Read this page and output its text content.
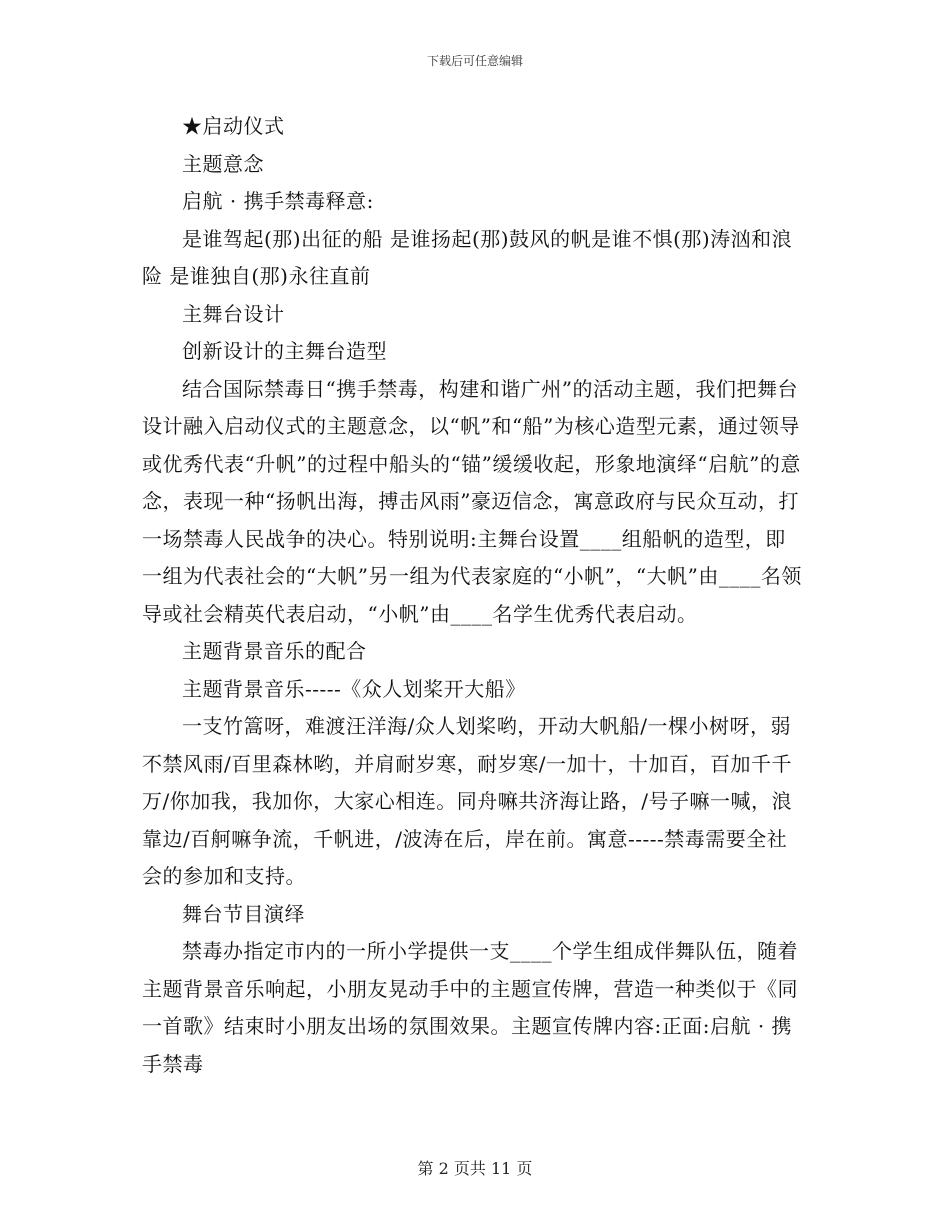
下载后可任意编辑

★启动仪式

主题意念

启航 · 携手禁毒释意:

是谁驾起(那)出征的船 是谁扬起(那)鼓风的帆是谁不惧(那)涛汹和浪险 是谁独自(那)永往直前

主舞台设计

创新设计的主舞台造型

结合国际禁毒日“携手禁毒，构建和谐广州”的活动主题，我们把舞台设计融入启动仪式的主题意念，以“帆”和“船”为核心造型元素，通过领导或优秀代表“升帆”的过程中船头的“锚”缓缓收起，形象地演绎“启航”的意念，表现一种“扬帆出海，搏击风雨”豪迈信念，寓意政府与民众互动，打一场禁毒人民战争的决心。特别说明:主舞台设置____组船帆的造型，即一组为代表社会的“大帆”另一组为代表家庭的“小帆”，“大帆”由____名领导或社会精英代表启动，“小帆”由____名学生优秀代表启动。

主题背景音乐的配合

主题背景音乐-----《众人划桨开大船》

一支竹篙呀，难渡汪洋海/众人划桨哟，开动大帆船/一棵小树呀，弱不禁风雨/百里森林哟，并肩耐岁寒，耐岁寒/一加十，十加百，百加千千万/你加我，我加你，大家心相连。同舟嘛共济海让路，/号子嘛一喊，浪靠边/百舸嘛争流，千帆进，/波涛在后，岸在前。寓意-----禁毒需要全社会的参加和支持。

舞台节目演绎

禁毒办指定市内的一所小学提供一支____个学生组成伴舞队伍，随着主题背景音乐响起，小朋友晃动手中的主题宣传牌，营造一种类似于《同一首歌》结束时小朋友出场的氛围效果。主题宣传牌内容:正面:启航 · 携手禁毒

第 2 页共 11 页
